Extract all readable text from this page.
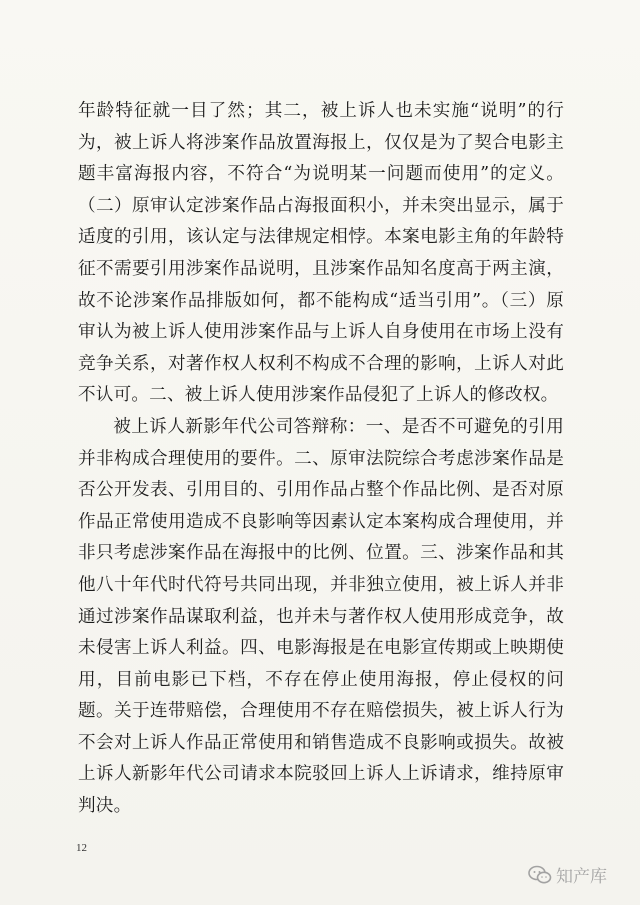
年龄特征就一目了然；其二，被上诉人也未实施“说明”的行为，被上诉人将涉案作品放置海报上，仅仅是为了契合电影主题丰富海报内容，不符合“为说明某一问题而使用”的定义。（二）原审认定涉案作品占海报面积小，并未突出显示，属于适度的引用，该认定与法律规定相悖。本案电影主角的年龄特征不需要引用涉案作品说明，且涉案作品知名度高于两主演，故不论涉案作品排版如何，都不能构成“适当引用”。（三）原审认为被上诉人使用涉案作品与上诉人自身使用在市场上没有竞争关系，对著作权人权利不构成不合理的影响，上诉人对此不认可。二、被上诉人使用涉案作品侵犯了上诉人的修改权。

被上诉人新影年代公司答辩称：一、是否不可避免的引用并非构成合理使用的要件。二、原审法院综合考虑涉案作品是否公开发表、引用目的、引用作品占整个作品比例、是否对原作品正常使用造成不良影响等因素认定本案构成合理使用，并非只考虑涉案作品在海报中的比例、位置。三、涉案作品和其他八十年代时代符号共同出现，并非独立使用，被上诉人并非通过涉案作品谋取利益，也并未与著作权人使用形成竞争，故未侵害上诉人利益。四、电影海报是在电影宣传期或上映期使用，目前电影已下档，不存在停止使用海报，停止侵权的问题。关于连带赔偿，合理使用不存在赔偿损失，被上诉人行为不会对上诉人作品正常使用和销售造成不良影响或损失。故被上诉人新影年代公司请求本院驳回上诉人上诉请求，维持原审判决。

12
知产库
